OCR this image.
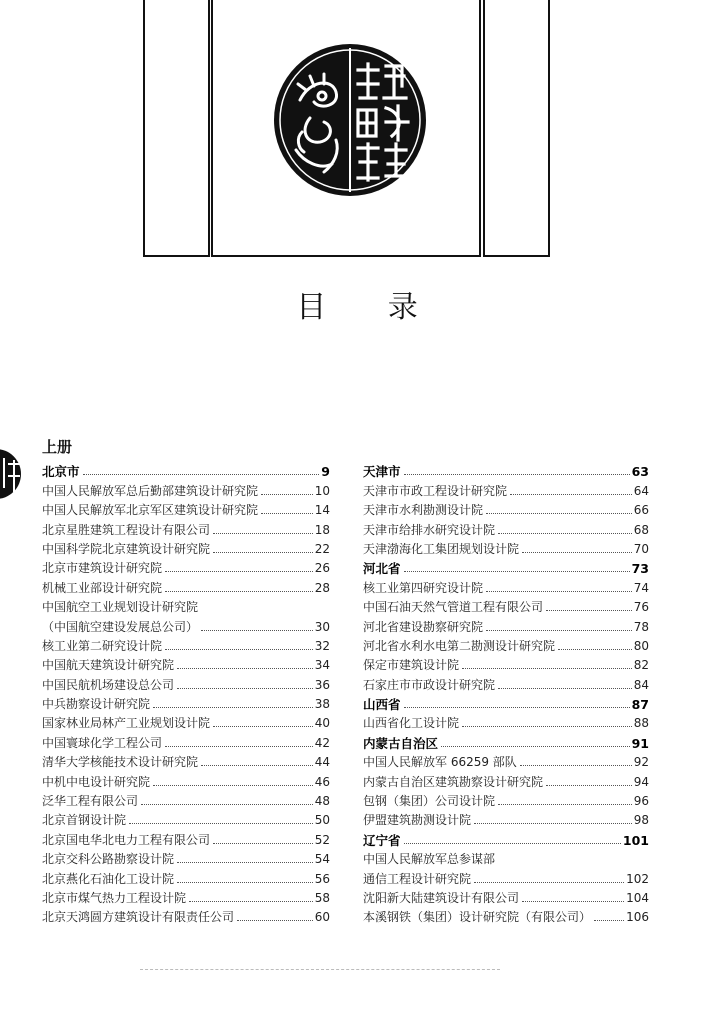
目 录
上册
北京市	9
中国人民解放军总后勤部建筑设计研究院	10
中国人民解放军北京军区建筑设计研究院	14
北京星胜建筑工程设计有限公司	18
中国科学院北京建筑设计研究院	22
北京市建筑设计研究院	26
机械工业部设计研究院	28
中国航空工业规划设计研究院
（中国航空建设发展总公司）	30
核工业第二研究设计院	32
中国航天建筑设计研究院	34
中国民航机场建设总公司	36
中兵勘察设计研究院	38
国家林业局林产工业规划设计院	40
中国寰球化学工程公司	42
清华大学核能技术设计研究院	44
中机中电设计研究院	46
泛华工程有限公司	48
北京首钢设计院	50
北京国电华北电力工程有限公司	52
北京交科公路勘察设计院	54
北京燕化石油化工设计院	56
北京市煤气热力工程设计院	58
北京天鸿圆方建筑设计有限责任公司	60
天津市	63
天津市市政工程设计研究院	64
天津市水利勘测设计院	66
天津市给排水研究设计院	68
天津渤海化工集团规划设计院	70
河北省	73
核工业第四研究设计院	74
中国石油天然气管道工程有限公司	76
河北省建设勘察研究院	78
河北省水利水电第二勘测设计研究院	80
保定市建筑设计院	82
石家庄市市政设计研究院	84
山西省	87
山西省化工设计院	88
内蒙古自治区	91
中国人民解放军 66259 部队	92
内蒙古自治区建筑勘察设计研究院	94
包钢（集团）公司设计院	96
伊盟建筑勘测设计院	98
辽宁省	101
中国人民解放军总参谋部
通信工程设计研究院	102
沈阳新大陆建筑设计有限公司	104
本溪钢铁（集团）设计研究院（有限公司）	106
